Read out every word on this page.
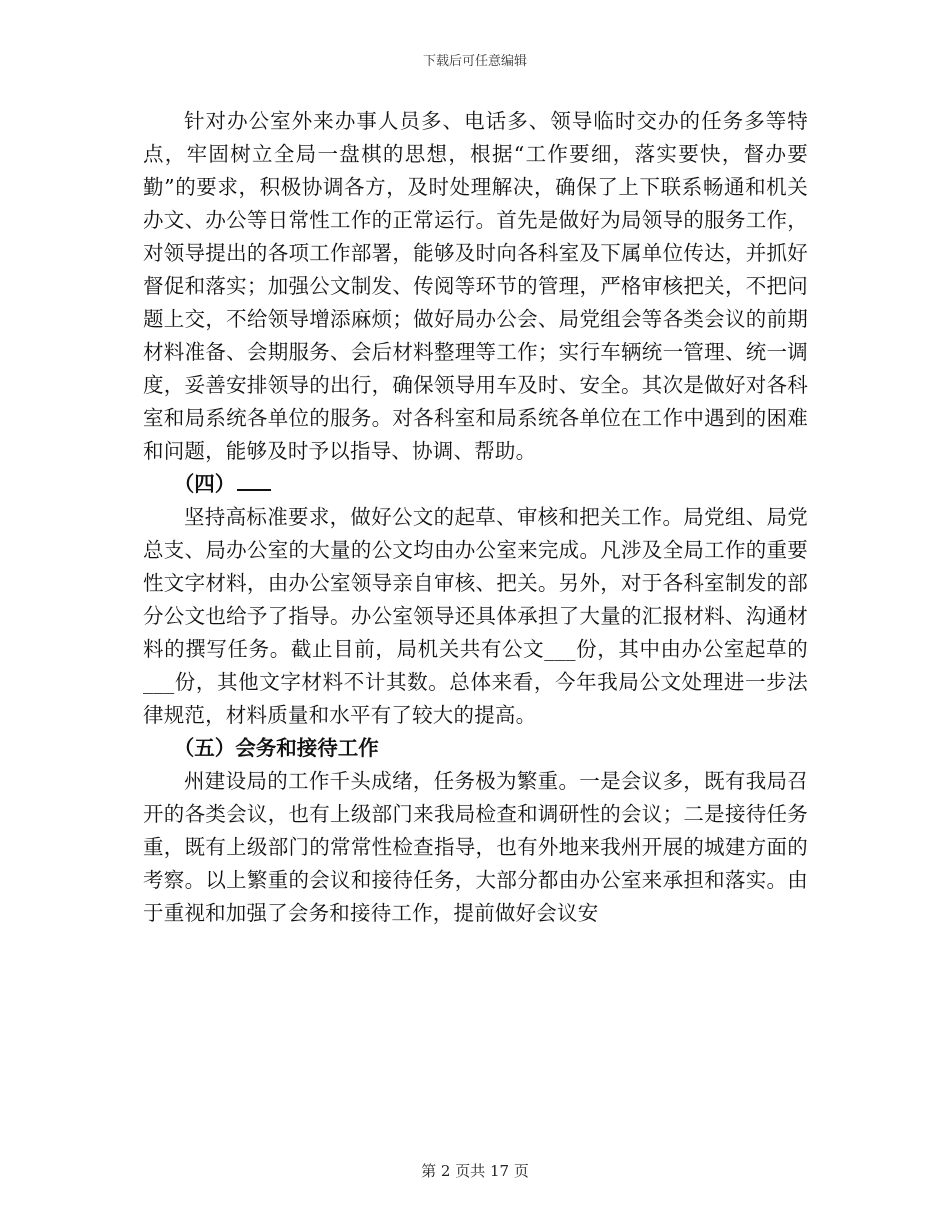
下载后可任意编辑

针对办公室外来办事人员多、电话多、领导临时交办的任务多等特点，牢固树立全局一盘棋的思想，根据“工作要细，落实要快，督办要勤”的要求，积极协调各方，及时处理解决，确保了上下联系畅通和机关办文、办公等日常性工作的正常运行。首先是做好为局领导的服务工作，对领导提出的各项工作部署，能够及时向各科室及下属单位传达，并抓好督促和落实；加强公文制发、传阅等环节的管理，严格审核把关，不把问题上交，不给领导增添麻烦；做好局办公会、局党组会等各类会议的前期材料准备、会期服务、会后材料整理等工作；实行车辆统一管理、统一调度，妥善安排领导的出行，确保领导用车及时、安全。其次是做好对各科室和局系统各单位的服务。对各科室和局系统各单位在工作中遇到的困难和问题，能够及时予以指导、协调、帮助。

（四）

坚持高标准要求，做好公文的起草、审核和把关工作。局党组、局党总支、局办公室的大量的公文均由办公室来完成。凡涉及全局工作的重要性文字材料，由办公室领导亲自审核、把关。另外，对于各科室制发的部分公文也给予了指导。办公室领导还具体承担了大量的汇报材料、沟通材料的撰写任务。截止目前，局机关共有公文___份，其中由办公室起草的___份，其他文字材料不计其数。总体来看，今年我局公文处理进一步法律规范，材料质量和水平有了较大的提高。

（五）会务和接待工作

州建设局的工作千头成绪，任务极为繁重。一是会议多，既有我局召开的各类会议，也有上级部门来我局检查和调研性的会议；二是接待任务重，既有上级部门的常常性检查指导，也有外地来我州开展的城建方面的考察。以上繁重的会议和接待任务，大部分都由办公室来承担和落实。由于重视和加强了会务和接待工作，提前做好会议安

第 2 页共 17 页
